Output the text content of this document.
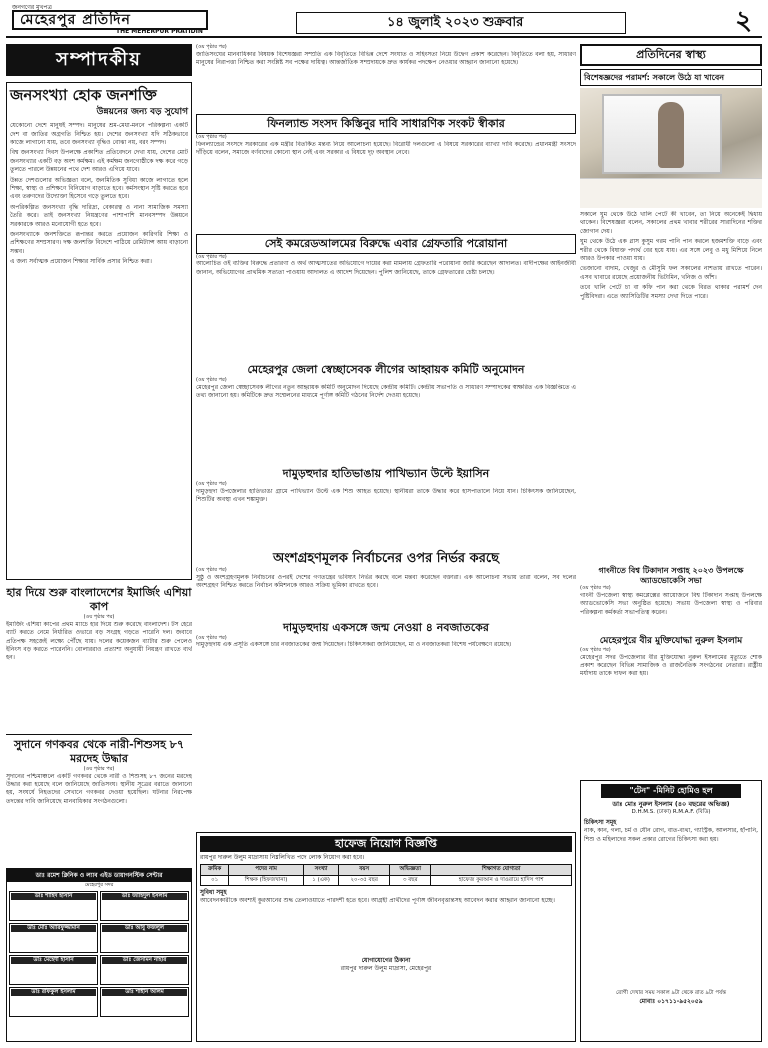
জনগণের মুখপত্র
মেহেরপুর প্রতিদিন
THE MEHERPUR PRATIDIN
১৪ জুলাই ২০২৩ শুক্রবার	২
সম্পাদকীয়
জনসংখ্যা হোক জনশক্তি
উন্নয়নের জন্য বড় সুযোগ

যেকোনো দেশে মানুষই সম্পদ। মানুষের শ্রম-মেধা-মননে পরিকল্পনা একটি দেশ বা জাতির অগ্রগতি নিশ্চিত হয়। দেশের জনসংখ্যা যদি সঠিকভাবে কাজে লাগানো যায়, তবে জনসংখ্যা বৃদ্ধিও বোঝা নয়, বরং সম্পদ।

বিশ্ব জনসংখ্যা দিবস উপলক্ষে প্রকাশিত প্রতিবেদনে দেখা যায়, দেশের মোট জনসংখ্যার একটি বড় অংশ কর্মক্ষম। এই কর্মক্ষম জনগোষ্ঠীকে দক্ষ করে গড়ে তুলতে পারলে উন্নয়নের পথে দেশ আরও এগিয়ে যাবে।

উন্নত দেশগুলোর অভিজ্ঞতা বলে, জনমিতিক সুবিধা কাজে লাগাতে হলে শিক্ষা, স্বাস্থ্য ও প্রশিক্ষণে বিনিয়োগ বাড়াতে হবে। কর্মসংস্থান সৃষ্টি করতে হবে এবং তরুণদের উদ্যোক্তা হিসেবে গড়ে তুলতে হবে।

অপরিকল্পিত জনসংখ্যা বৃদ্ধি দারিদ্র্য, বেকারত্ব ও নানা সামাজিক সমস্যা তৈরি করে। তাই জনসংখ্যা নিয়ন্ত্রণের পাশাপাশি মানবসম্পদ উন্নয়নে সরকারকে আরও মনোযোগী হতে হবে।

জনসংখ্যাকে জনশক্তিতে রূপান্তর করতে প্রয়োজন কারিগরি শিক্ষা ও প্রশিক্ষণের সম্প্রসারণ। দক্ষ জনশক্তি বিদেশে পাঠিয়ে রেমিট্যান্স আয় বাড়ানো সম্ভব।

এ জন্য সর্বাত্মক প্রয়োজন শিক্ষার সার্বিক প্রসার নিশ্চিত করা।

হার দিয়ে শুরু বাংলাদেশের ইমার্জিং এশিয়া কাপ
(ওয় পৃষ্ঠার পর)
ইমার্জিং এশিয়া কাপের প্রথম ম্যাচে হার দিয়ে শুরু করেছে বাংলাদেশ। টস হেরে ব্যাট করতে নেমে নির্ধারিত ওভারে বড় সংগ্রহ গড়তে পারেনি দল। জবাবে প্রতিপক্ষ সহজেই লক্ষ্যে পৌঁছে যায়। দলের কয়েকজন ব্যাটার শুরু পেলেও ইনিংস বড় করতে পারেননি। বোলাররাও প্রত্যাশা অনুযায়ী নিয়ন্ত্রণ রাখতে ব্যর্থ হন।
সুদানে গণকবর থেকে নারী-শিশুসহ ৮৭ মরদেহ উদ্ধার
(ওয় পৃষ্ঠার পর)
সুদানের পশ্চিমাঞ্চলে একটি গণকবর থেকে নারী ও শিশুসহ ৮৭ জনের মরদেহ উদ্ধার করা হয়েছে বলে জানিয়েছে জাতিসংঘ। স্থানীয় সূত্রের বরাতে জানানো হয়, সংঘর্ষে নিহতদের সেখানে গণকবর দেওয়া হয়েছিল। ঘটনার নিরপেক্ষ তদন্তের দাবি জানিয়েছে মানবাধিকার সংগঠনগুলো।
(ওয় পৃষ্ঠার পর)
জাতিসংঘের মানবাধিকার বিষয়ক বিশেষজ্ঞরা সম্প্রতি এক বিবৃতিতে বিভিন্ন দেশে সংঘাত ও সহিংসতা নিয়ে উদ্বেগ প্রকাশ করেছেন। বিবৃতিতে বলা হয়, সাধারণ মানুষের নিরাপত্তা নিশ্চিত করা সংশ্লিষ্ট সব পক্ষের দায়িত্ব। আন্তর্জাতিক সম্প্রদায়কে দ্রুত কার্যকর পদক্ষেপ নেওয়ার আহ্বান জানানো হয়েছে।
ফিনল্যান্ড সংসদ কিস্তিনুর দাবি সাধারণিক সংকট স্বীকার
(ওয় পৃষ্ঠার পর)
ফিনল্যান্ডের সংসদে সরকারের এক মন্ত্রীর বিতর্কিত মন্তব্য নিয়ে আলোচনা হয়েছে। বিরোধী দলগুলো এ বিষয়ে সরকারের ব্যাখ্যা দাবি করেছে। প্রধানমন্ত্রী সংসদে দাঁড়িয়ে বলেন, সমাজে বর্ণবাদের কোনো স্থান নেই এবং সরকার এ বিষয়ে দৃঢ় অবস্থান নেবে।
সেই কমরেডআলমের বিরুদ্ধে এবার গ্রেফতারি পরোয়ানা
(ওয় পৃষ্ঠার পর)
আলোচিত ওই ব্যক্তির বিরুদ্ধে প্রতারণা ও অর্থ আত্মসাতের অভিযোগে দায়ের করা মামলায় গ্রেফতারি পরোয়ানা জারি করেছেন আদালত। বাদীপক্ষের আইনজীবী জানান, অভিযোগের প্রাথমিক সত্যতা পাওয়ায় আদালত এ আদেশ দিয়েছেন। পুলিশ জানিয়েছে, তাকে গ্রেফতারের চেষ্টা চলছে।
মেহেরপুর জেলা স্বেচ্ছাসেবক লীগের আহ্বায়ক কমিটি অনুমোদন
(ওয় পৃষ্ঠার পর)
মেহেরপুর জেলা স্বেচ্ছাসেবক লীগের নতুন আহ্বায়ক কমিটি অনুমোদন দিয়েছে কেন্দ্রীয় কমিটি। কেন্দ্রীয় সভাপতি ও সাধারণ সম্পাদকের স্বাক্ষরিত এক বিজ্ঞপ্তিতে এ তথ্য জানানো হয়। কমিটিকে দ্রুত সম্মেলনের মাধ্যমে পূর্ণাঙ্গ কমিটি গঠনের নির্দেশ দেওয়া হয়েছে।
দামুড়হুদার হাতিভাঙায় পাখিভ্যান উল্টে ইয়াসিন
(ওয় পৃষ্ঠার পর)
দামুড়হুদা উপজেলার হাতিভাঙা গ্রামে পাখিভ্যান উল্টে এক শিশু আহত হয়েছে। স্থানীয়রা তাকে উদ্ধার করে হাসপাতালে নিয়ে যান। চিকিৎসক জানিয়েছেন, শিশুটির অবস্থা এখন শঙ্কামুক্ত।
অংশগ্রহণমূলক নির্বাচনের ওপর নির্ভর করছে
(ওয় পৃষ্ঠার পর)
সুষ্ঠু ও অংশগ্রহণমূলক নির্বাচনের ওপরই দেশের গণতন্ত্রের ভবিষ্যৎ নির্ভর করছে বলে মন্তব্য করেছেন বক্তারা। এক আলোচনা সভায় তারা বলেন, সব দলের অংশগ্রহণ নিশ্চিত করতে নির্বাচন কমিশনকে আরও সক্রিয় ভূমিকা রাখতে হবে।
দামুড়হুদায় একসঙ্গে জন্ম নেওয়া ৪ নবজাতকের
(ওয় পৃষ্ঠার পর)
দামুড়হুদায় এক প্রসূতি একসঙ্গে চার নবজাতকের জন্ম দিয়েছেন। চিকিৎসকরা জানিয়েছেন, মা ও নবজাতকরা বিশেষ পর্যবেক্ষণে রয়েছে।
হাফেজ নিয়োগ বিজ্ঞপ্তি
রায়পুর দারুল উলুম মাদ্রাসায় নিম্নলিখিত পদে লোক নিয়োগ করা হবে।
ক্রমিক	পদের নাম	সংখ্যা	বয়স	অভিজ্ঞতা	শিক্ষাগত যোগ্যতা
০১	শিক্ষক (হিফজখানা)	১ (এক)	২০-৩৫ বছর	৩ বছর	হাফেজ কুরআন ও দাওরায়ে হাদিস পাশ
সুবিধা সমূহ
আবেদনকারীকে অবশ্যই কুরআনের শুদ্ধ তেলাওয়াতে পারদর্শী হতে হবে। আগ্রহী প্রার্থীদের পূর্ণাঙ্গ জীবনবৃত্তান্তসহ আবেদন করার আহ্বান জানানো হচ্ছে।
যোগাযোগের ঠিকানা
রায়পুর দারুল উলুম মাদ্রাসা, মেহেরপুর
ডাঃ রমেশ ক্লিনিক ও ল্যাব এইড ডায়াগনস্টিক সেন্টার
মেহেরপুর সদর
ডাঃ শাহিদ হাসান	ডাঃ জাহিদুল ইসলাম
ডাঃ মোঃ আরিফুজ্জামান	ডাঃ আবু ফজলুল
ডাঃ মেহেদী হাসান	ডাঃ জেসমিন নাহার
ডাঃ রফিকুল ইসলাম	ডাঃ শাহীন আলম
প্রতিদিনের স্বাস্থ্য
বিশেষজ্ঞদের পরামর্শ: সকালে উঠে যা খাবেন

সকালে ঘুম থেকে উঠে খালি পেটে কী খাবেন, তা নিয়ে অনেকেই দ্বিধায় থাকেন। বিশেষজ্ঞরা বলেন, সকালের প্রথম খাবার শরীরের সারাদিনের শক্তির জোগান দেয়।

ঘুম থেকে উঠে এক গ্লাস কুসুম গরম পানি পান করলে হজমশক্তি বাড়ে এবং শরীর থেকে বিষাক্ত পদার্থ বের হয়ে যায়। এর সঙ্গে লেবু ও মধু মিশিয়ে নিলে আরও উপকার পাওয়া যায়।

ভেজানো বাদাম, খেজুর ও মৌসুমি ফল সকালের নাশতায় রাখতে পারেন। এসব খাবারে রয়েছে প্রয়োজনীয় ভিটামিন, খনিজ ও আঁশ।

তবে খালি পেটে চা বা কফি পান করা থেকে বিরত থাকার পরামর্শ দেন পুষ্টিবিদরা। এতে অ্যাসিডিটির সমস্যা দেখা দিতে পারে।

গাংনীতে বিশ্ব টিকাদান সপ্তাহ ২০২৩ উপলক্ষে অ্যাডভোকেসি সভা
(ওয় পৃষ্ঠার পর)
গাংনী উপজেলা স্বাস্থ্য কমপ্লেক্সের আয়োজনে বিশ্ব টিকাদান সপ্তাহ উপলক্ষে অ্যাডভোকেসি সভা অনুষ্ঠিত হয়েছে। সভায় উপজেলা স্বাস্থ্য ও পরিবার পরিকল্পনা কর্মকর্তা সভাপতিত্ব করেন।
মেহেরপুরে বীর মুক্তিযোদ্ধা নুরুল ইসলাম
(ওয় পৃষ্ঠার পর)
মেহেরপুর সদর উপজেলার বীর মুক্তিযোদ্ধা নুরুল ইসলামের মৃত্যুতে শোক প্রকাশ করেছেন বিভিন্ন সামাজিক ও রাজনৈতিক সংগঠনের নেতারা। রাষ্ট্রীয় মর্যাদায় তাকে দাফন করা হয়।
"টেন" -মিনিট হোমিও হল
ডাঃ মোঃ নুরুল ইসলাম (৪০ বছরের অভিজ্ঞ)
D.H.M.S. (ঢাকা) R.M.A.F. (বিডি)
চিকিৎসা সমূহ
নাক, কান, গলা, চর্ম ও যৌন রোগ, বাত-ব্যথা, গ্যাস্ট্রিক, আলসার, হাঁপানি, শিশু ও মহিলাদের সকল প্রকার রোগের চিকিৎসা করা হয়।
রোগী দেখার সময় সকাল ৯টা থেকে রাত ৯টা পর্যন্ত
মোবাঃ ০১৭১১-৯৫২০৫৯
